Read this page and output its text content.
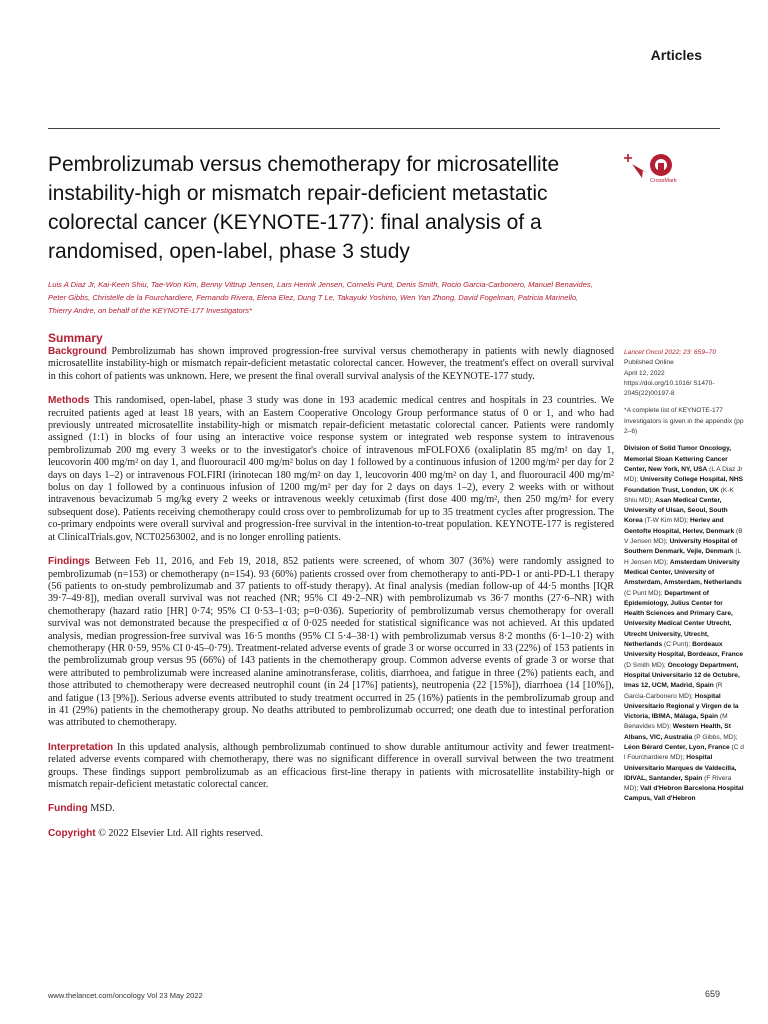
Articles
Pembrolizumab versus chemotherapy for microsatellite instability-high or mismatch repair-deficient metastatic colorectal cancer (KEYNOTE-177): final analysis of a randomised, open-label, phase 3 study
CrossMark
Luis A Diaz Jr, Kai-Keen Shiu, Tae-Won Kim, Benny Vittrup Jensen, Lars Henrik Jensen, Cornelis Punt, Denis Smith, Rocio Garcia-Carbonero, Manuel Benavides, Peter Gibbs, Christelle de la Fourchardiere, Fernando Rivera, Elena Elez, Dung T Le, Takayuki Yoshino, Wen Yan Zhong, David Fogelman, Patricia Marinello, Thierry Andre, on behalf of the KEYNOTE-177 Investigators*
Summary

Background Pembrolizumab has shown improved progression-free survival versus chemotherapy in patients with newly diagnosed microsatellite instability-high or mismatch repair-deficient metastatic colorectal cancer. However, the treatment's effect on overall survival in this cohort of patients was unknown. Here, we present the final overall survival analysis of the KEYNOTE-177 study.

Methods This randomised, open-label, phase 3 study was done in 193 academic medical centres and hospitals in 23 countries. We recruited patients aged at least 18 years, with an Eastern Cooperative Oncology Group performance status of 0 or 1, and who had previously untreated microsatellite instability-high or mismatch repair-deficient metastatic colorectal cancer. Patients were randomly assigned (1:1) in blocks of four using an interactive voice response system or integrated web response system to intravenous pembrolizumab 200 mg every 3 weeks or to the investigator's choice of intravenous mFOLFOX6 (oxaliplatin 85 mg/m² on day 1, leucovorin 400 mg/m² on day 1, and fluorouracil 400 mg/m² bolus on day 1 followed by a continuous infusion of 1200 mg/m² per day for 2 days on days 1–2) or intravenous FOLFIRI (irinotecan 180 mg/m² on day 1, leucovorin 400 mg/m² on day 1, and fluorouracil 400 mg/m² bolus on day 1 followed by a continuous infusion of 1200 mg/m² per day for 2 days on days 1–2), every 2 weeks with or without intravenous bevacizumab 5 mg/kg every 2 weeks or intravenous weekly cetuximab (first dose 400 mg/m², then 250 mg/m² for every subsequent dose). Patients receiving chemotherapy could cross over to pembrolizumab for up to 35 treatment cycles after progression. The co-primary endpoints were overall survival and progression-free survival in the intention-to-treat population. KEYNOTE-177 is registered at ClinicalTrials.gov, NCT02563002, and is no longer enrolling patients.

Findings Between Feb 11, 2016, and Feb 19, 2018, 852 patients were screened, of whom 307 (36%) were randomly assigned to pembrolizumab (n=153) or chemotherapy (n=154). 93 (60%) patients crossed over from chemotherapy to anti-PD-1 or anti-PD-L1 therapy (56 patients to on-study pembrolizumab and 37 patients to off-study therapy). At final analysis (median follow-up of 44·5 months [IQR 39·7–49·8]), median overall survival was not reached (NR; 95% CI 49·2–NR) with pembrolizumab vs 36·7 months (27·6–NR) with chemotherapy (hazard ratio [HR] 0·74; 95% CI 0·53–1·03; p=0·036). Superiority of pembrolizumab versus chemotherapy for overall survival was not demonstrated because the prespecified α of 0·025 needed for statistical significance was not achieved. At this updated analysis, median progression-free survival was 16·5 months (95% CI 5·4–38·1) with pembrolizumab versus 8·2 months (6·1–10·2) with chemotherapy (HR 0·59, 95% CI 0·45–0·79). Treatment-related adverse events of grade 3 or worse occurred in 33 (22%) of 153 patients in the pembrolizumab group versus 95 (66%) of 143 patients in the chemotherapy group. Common adverse events of grade 3 or worse that were attributed to pembrolizumab were increased alanine aminotransferase, colitis, diarrhoea, and fatigue in three (2%) patients each, and those attributed to chemotherapy were decreased neutrophil count (in 24 [17%] patients), neutropenia (22 [15%]), diarrhoea (14 [10%]), and fatigue (13 [9%]). Serious adverse events attributed to study treatment occurred in 25 (16%) patients in the pembrolizumab group and in 41 (29%) patients in the chemotherapy group. No deaths attributed to pembrolizumab occurred; one death due to intestinal perforation was attributed to chemotherapy.

Interpretation In this updated analysis, although pembrolizumab continued to show durable antitumour activity and fewer treatment-related adverse events compared with chemotherapy, there was no significant difference in overall survival between the two treatment groups. These findings support pembrolizumab as an efficacious first-line therapy in patients with microsatellite instability-high or mismatch repair-deficient metastatic colorectal cancer.

Funding MSD.

Copyright © 2022 Elsevier Ltd. All rights reserved.

Lancet Oncol 2022; 23: 659–70
Published Online
April 12, 2022
https://doi.org/10.1016/ S1470-2045(22)00197-8

*A complete list of KEYNOTE-177 Investigators is given in the appendix (pp 2–6)

Division of Solid Tumor Oncology, Memorial Sloan Kettering Cancer Center, New York, NY, USA (L A Diaz Jr MD); University College Hospital, NHS Foundation Trust, London, UK (K-K Shiu MD); Asan Medical Center, University of Ulsan, Seoul, South Korea (T-W Kim MD); Herlev and Gentofte Hospital, Herlev, Denmark (B V Jensen MD); University Hospital of Southern Denmark, Vejle, Denmark (L H Jensen MD); Amsterdam University Medical Center, University of Amsterdam, Amsterdam, Netherlands (C Punt MD); Department of Epidemiology, Julius Center for Health Sciences and Primary Care, University Medical Center Utrecht, Utrecht University, Utrecht, Netherlands (C Punt); Bordeaux University Hospital, Bordeaux, France (D Smith MD); Oncology Department, Hospital Universitario 12 de Octubre, Imas 12, UCM, Madrid, Spain (R Garcia-Carbonero MD); Hospital Universitario Regional y Virgen de la Victoria, IBIMA, Málaga, Spain (M Benavides MD); Western Health, St Albans, VIC, Australia (P Gibbs, MD); Léon Bérard Center, Lyon, France (C d l Fourchardiere MD); Hospital Universitario Marques de Valdecilla, IDIVAL, Santander, Spain (F Rivera MD); Vall d'Hebron Barcelona Hospital Campus, Vall d'Hebron

www.thelancet.com/oncology Vol 23 May 2022	659
